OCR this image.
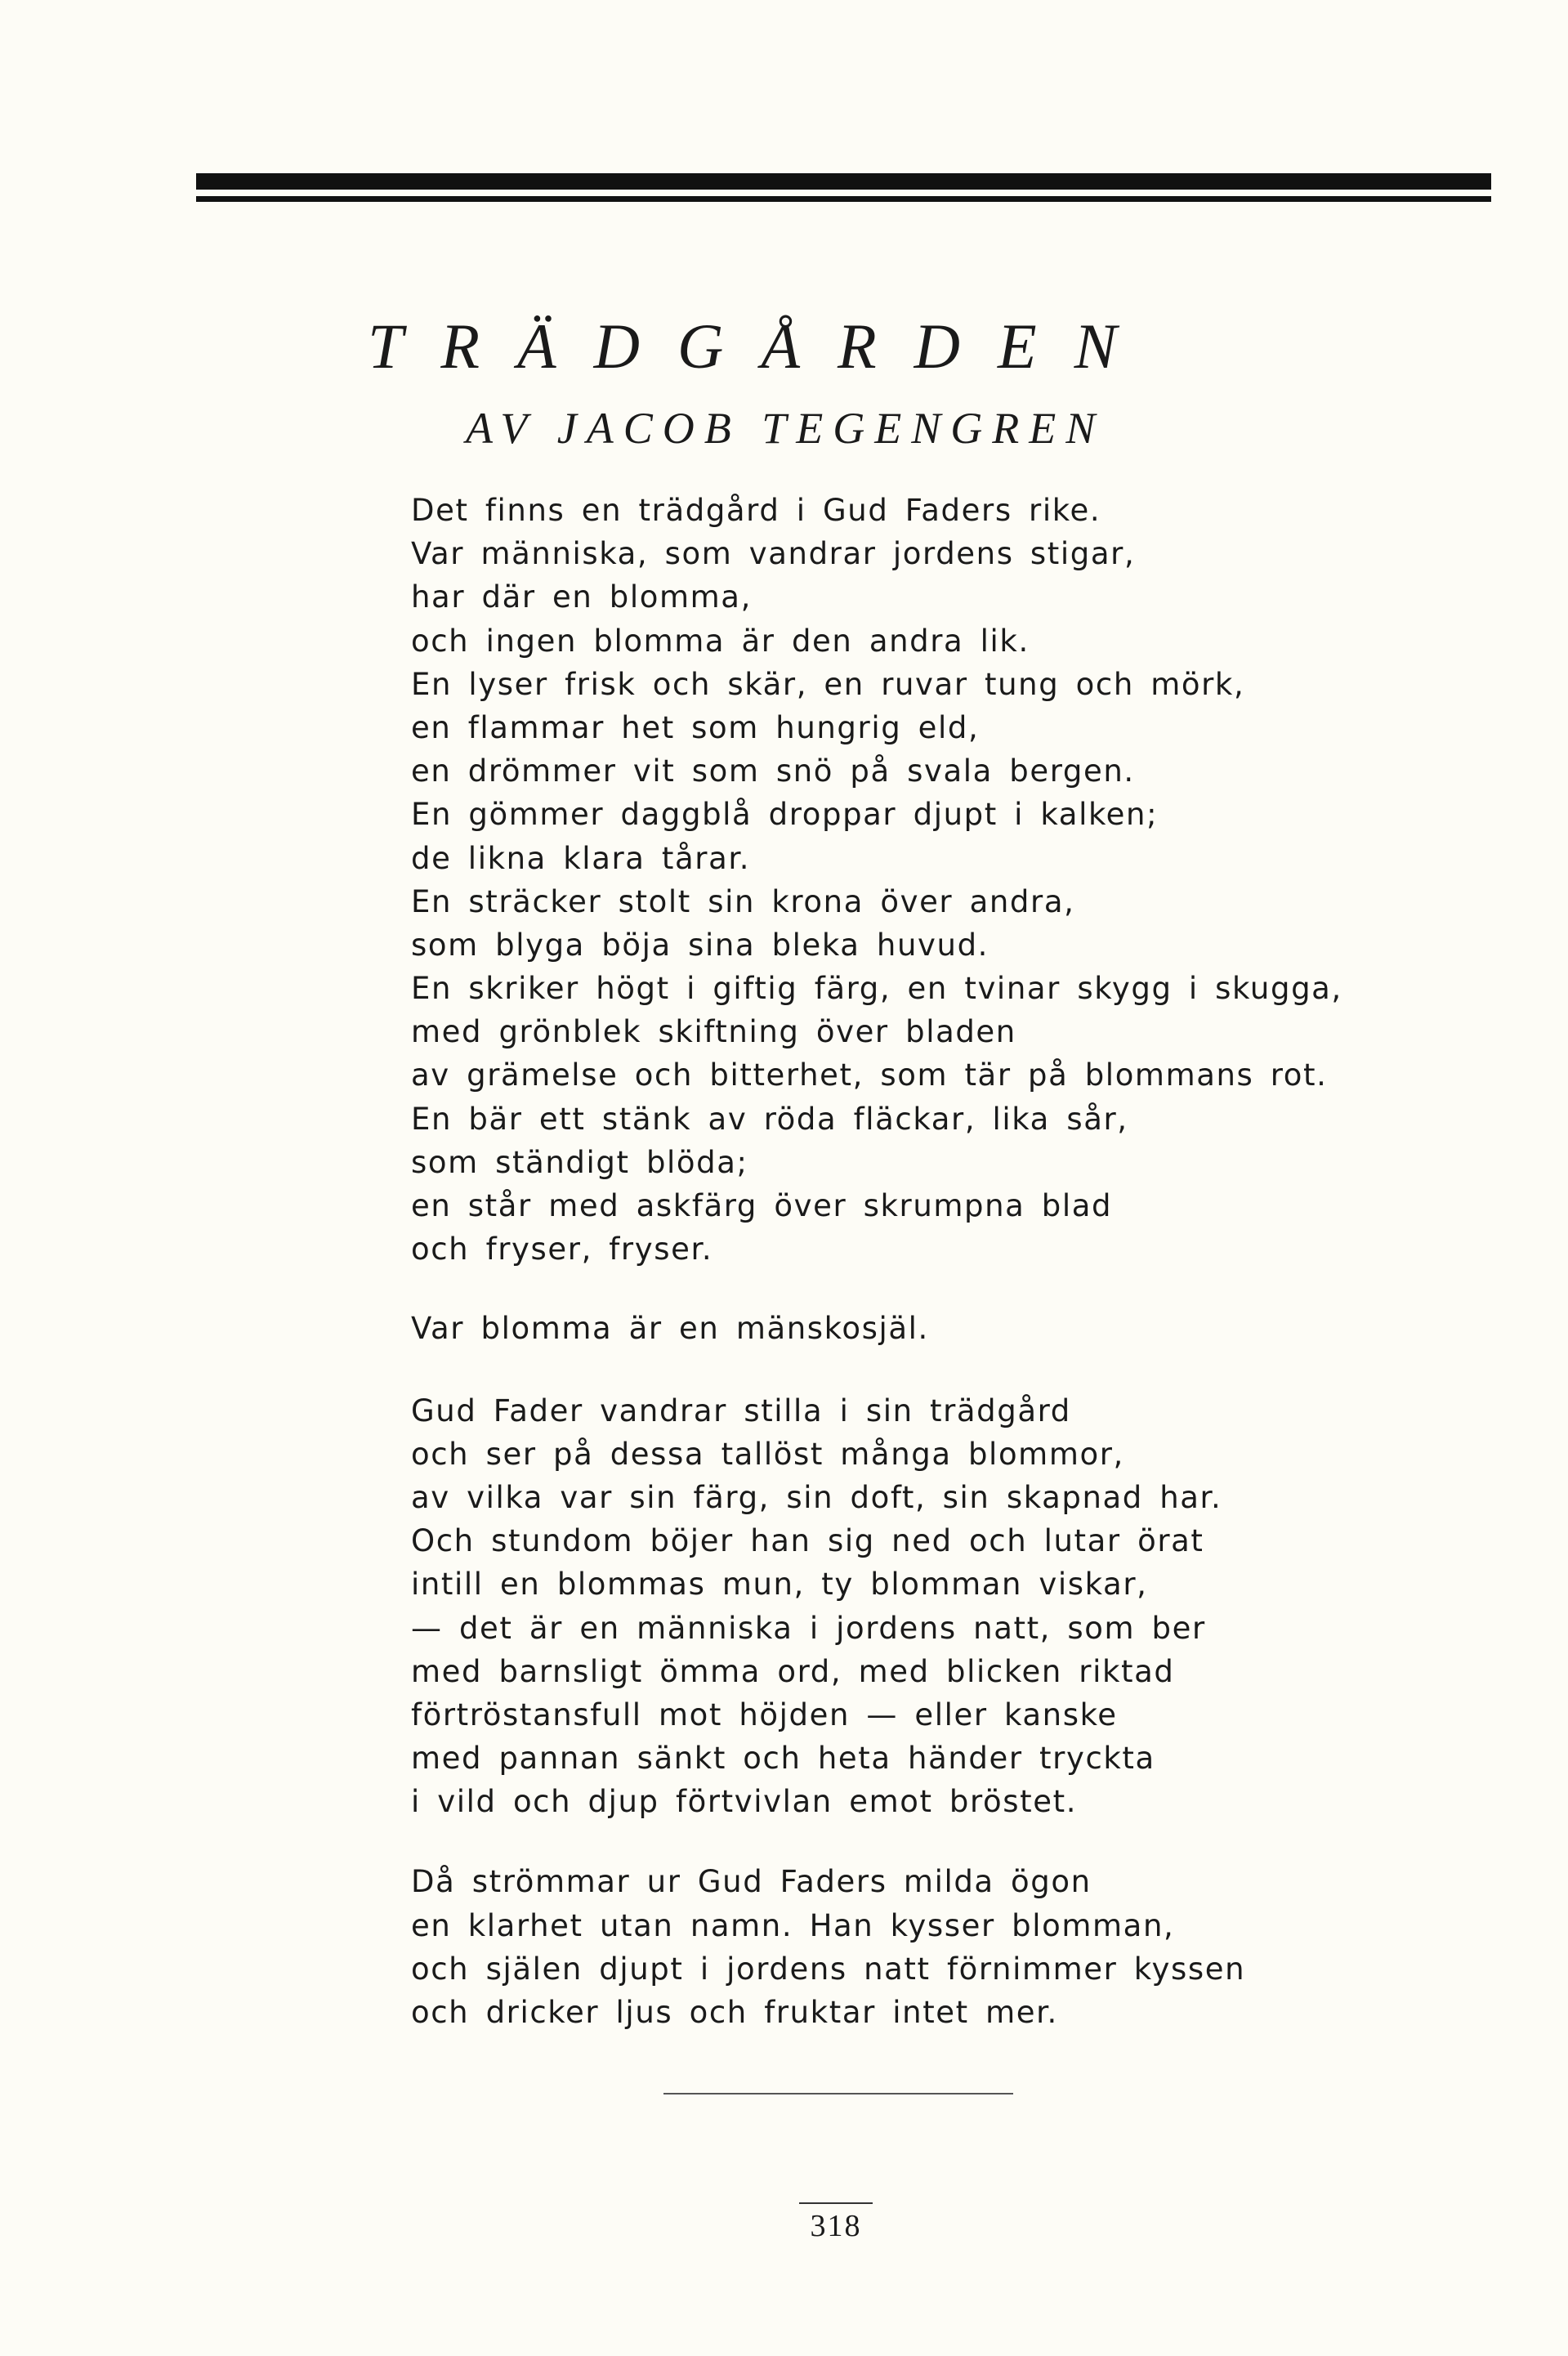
TRÄDGÅRDEN
AV JACOB TEGENGREN
Det finns en trädgård i Gud Faders rike.
Var människa, som vandrar jordens stigar,
har där en blomma,
och ingen blomma är den andra lik.
En lyser frisk och skär, en ruvar tung och mörk,
en flammar het som hungrig eld,
en drömmer vit som snö på svala bergen.
En gömmer daggblå droppar djupt i kalken;
de likna klara tårar.
En sträcker stolt sin krona över andra,
som blyga böja sina bleka huvud.
En skriker högt i giftig färg, en tvinar skygg i skugga,
med grönblek skiftning över bladen
av grämelse och bitterhet, som tär på blommans rot.
En bär ett stänk av röda fläckar, lika sår,
som ständigt blöda;
en står med askfärg över skrumpna blad
och fryser, fryser.
Var blomma är en mänskosjäl.
Gud Fader vandrar stilla i sin trädgård
och ser på dessa tallöst många blommor,
av vilka var sin färg, sin doft, sin skapnad har.
Och stundom böjer han sig ned och lutar örat
intill en blommas mun, ty blomman viskar,
— det är en människa i jordens natt, som ber
med barnsligt ömma ord, med blicken riktad
förtröstansfull mot höjden — eller kanske
med pannan sänkt och heta händer tryckta
i vild och djup förtvivlan emot bröstet.
Då strömmar ur Gud Faders milda ögon
en klarhet utan namn. Han kysser blomman,
och själen djupt i jordens natt förnimmer kyssen
och dricker ljus och fruktar intet mer.
318
